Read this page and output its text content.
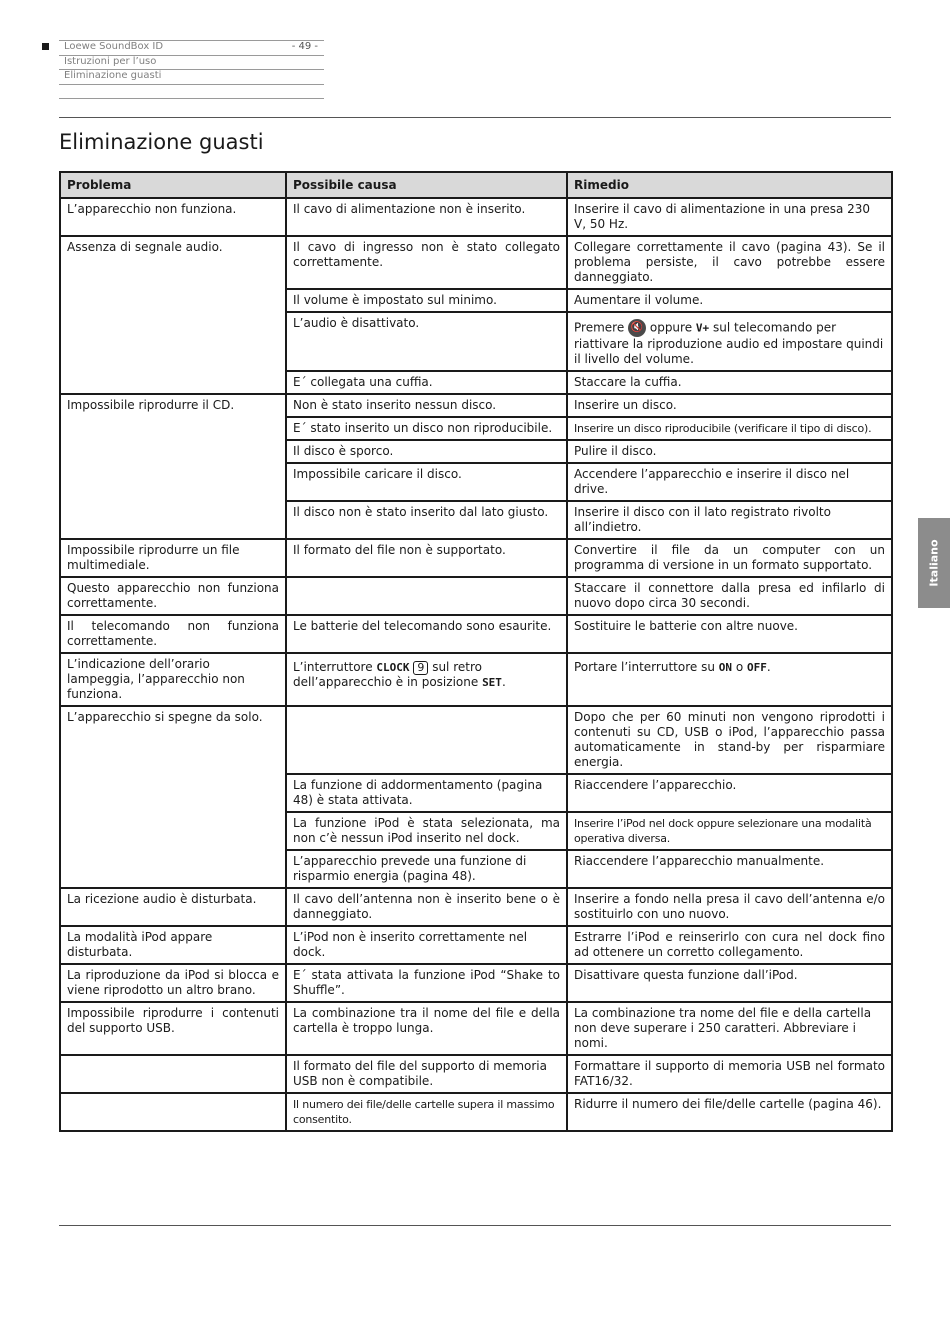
Loewe SoundBox ID	- 49 -
Istruzioni per l’uso
Eliminazione guasti
Eliminazione guasti
Problema	Possibile causa	Rimedio
L’apparecchio non funziona.	Il cavo di alimentazione non è inserito.	Inserire il cavo di alimentazione in una presa 230 V, 50 Hz.
Assenza di segnale audio.	Il cavo di ingresso non è stato collegato correttamente.	Collegare correttamente il cavo (pagina 43). Se il problema persiste, il cavo potrebbe essere danneggiato.
	Il volume è impostato sul minimo.	Aumentare il volume.
	L’audio è disattivato.	Premere 🔇 oppure V+ sul telecomando per riattivare la riproduzione audio ed impostare quindi il livello del volume.
	E´ collegata una cuffia.	Staccare la cuffia.
Impossibile riprodurre il CD.	Non è stato inserito nessun disco.	Inserire un disco.
	E´ stato inserito un disco non riproducibile.	Inserire un disco riproducibile (verificare il tipo di disco).
	Il disco è sporco.	Pulire il disco.
	Impossibile caricare il disco.	Accendere l’apparecchio e inserire il disco nel drive.
	Il disco non è stato inserito dal lato giusto.	Inserire il disco con il lato registrato rivolto all’indietro.
Impossibile riprodurre un file multimediale.	Il formato del file non è supportato.	Convertire il file da un computer con un programma di versione in un formato supportato.
Questo apparecchio non funziona correttamente.		Staccare il connettore dalla presa ed infilarlo di nuovo dopo circa 30 secondi.
Il telecomando non funziona correttamente.	Le batterie del telecomando sono esaurite.	Sostituire le batterie con altre nuove.
L’indicazione dell’orario lampeggia, l’apparecchio non funziona.	L’interruttore CLOCK 9 sul retro dell’apparecchio è in posizione SET.	Portare l’interruttore su ON o OFF.
L’apparecchio si spegne da solo.		Dopo che per 60 minuti non vengono riprodotti i contenuti su CD, USB o iPod, l’apparecchio passa automaticamente in stand-by per risparmiare energia.
	La funzione di addormentamento (pagina 48) è stata attivata.	Riaccendere l’apparecchio.
	La funzione iPod è stata selezionata, ma non c’è nessun iPod inserito nel dock.	Inserire l’iPod nel dock oppure selezionare una modalità operativa diversa.
	L’apparecchio prevede una funzione di risparmio energia (pagina 48).	Riaccendere l’apparecchio manualmente.
La ricezione audio è disturbata.	Il cavo dell’antenna non è inserito bene o è danneggiato.	Inserire a fondo nella presa il cavo dell’antenna e/o sostituirlo con uno nuovo.
La modalità iPod appare disturbata.	L’iPod non è inserito correttamente nel dock.	Estrarre l’iPod e reinserirlo con cura nel dock fino ad ottenere un corretto collegamento.
La riproduzione da iPod si blocca e viene riprodotto un altro brano.	E´ stata attivata la funzione iPod “Shake to Shuffle”.	Disattivare questa funzione dall’iPod.
Impossibile riprodurre i contenuti del supporto USB.	La combinazione tra il nome del file e della cartella è troppo lunga.	La combinazione tra nome del file e della cartella non deve superare i 250 caratteri. Abbreviare i nomi.
	Il formato del file del supporto di memoria USB non è compatibile.	Formattare il supporto di memoria USB nel formato FAT16/32.
	Il numero dei file/delle cartelle supera il massimo consentito.	Ridurre il numero dei file/delle cartelle (pagina 46).
Italiano
